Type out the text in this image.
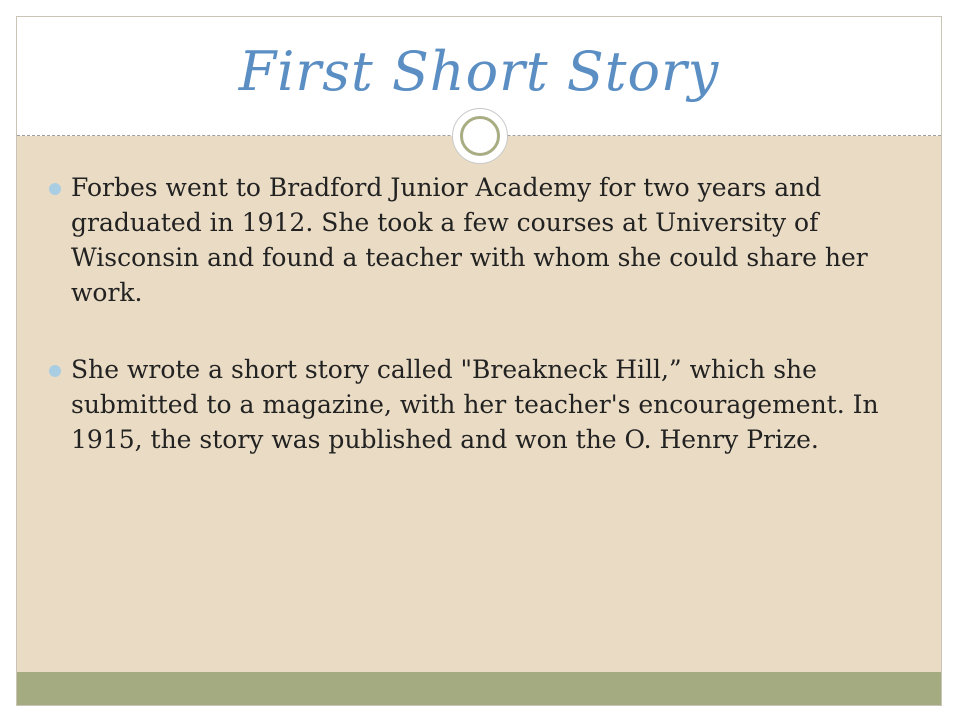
First Short Story
Forbes went to Bradford Junior Academy for two years and graduated in 1912. She took a few courses at University of Wisconsin and found a teacher with whom she could share her work.
She wrote a short story called "Breakneck Hill,” which she submitted to a magazine, with her teacher's encouragement. In 1915, the story was published and won the O. Henry Prize.
